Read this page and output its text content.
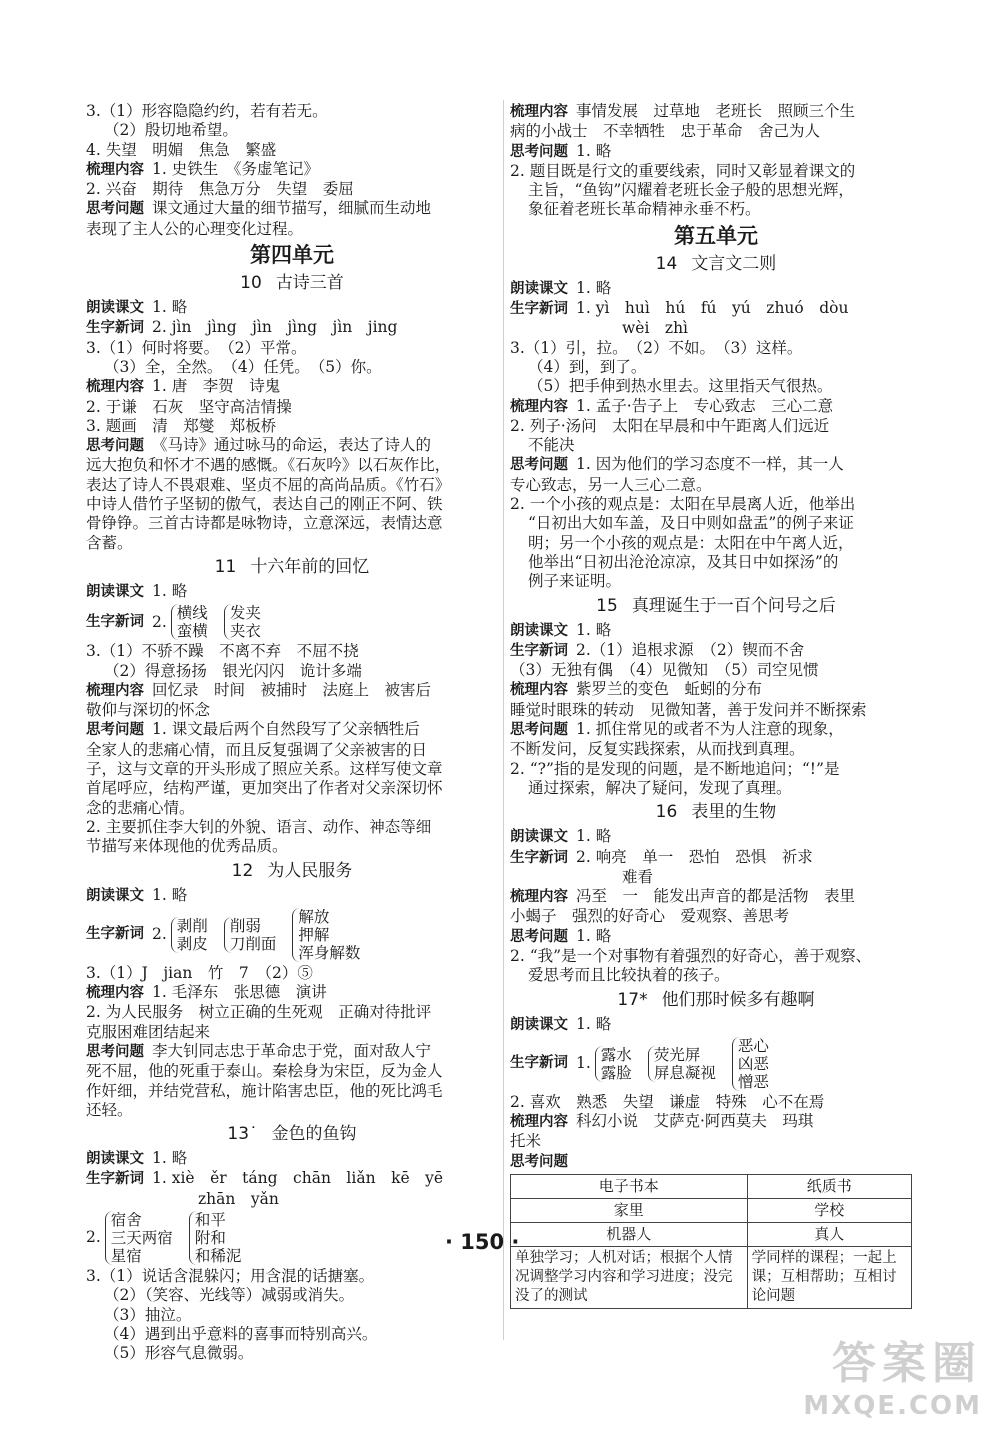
3.（1）形容隐隐约约，若有若无。
（2）殷切地希望。
4. 失望　明媚　焦急　繁盛
梳理内容 1. 史铁生　《务虚笔记》
2. 兴奋　期待　焦急万分　失望　委屈
思考问题 课文通过大量的细节描写，细腻而生动地
表现了主人公的心理变化过程。
第四单元
10 古诗三首
朗读课文 1. 略
生字新词 2. jìn　jìng　jìn　jìng　jìn　jing
3.（1）何时将要。　（2）平常。
（3）全，全然。　（4）任凭。　（5）你。
梳理内容 1. 唐　李贺　诗鬼
2. 于谦　石灰　坚守高洁情操
3. 题画　清　郑燮　郑板桥
思考问题 《马诗》通过咏马的命运，表达了诗人的
远大抱负和怀才不遇的感慨。《石灰吟》以石灰作比，
表达了诗人不畏艰难、坚贞不屈的高尚品质。《竹石》
中诗人借竹子坚韧的傲气，表达自己的刚正不阿、铁
骨铮铮。三首古诗都是咏物诗，立意深远，表情达意
含蓄。
11 十六年前的回忆
朗读课文 1. 略
生字新词 2. 横线
蛮横
发夹
夹衣
3.（1）不骄不躁　不离不弃　不屈不挠
（2）得意扬扬　银光闪闪　诡计多端
梳理内容 回忆录　时间　被捕时　法庭上　被害后
敬仰与深切的怀念
思考问题 1. 课文最后两个自然段写了父亲牺牲后
全家人的悲痛心情，而且反复强调了父亲被害的日
子，这与文章的开头形成了照应关系。这样写使文章
首尾呼应，结构严谨，更加突出了作者对父亲深切怀
念的悲痛心情。
2. 主要抓住李大钊的外貌、语言、动作、神态等细
节描写来体现他的优秀品质。
12 为人民服务
朗读课文 1. 略
生字新词 2. 剥削
剥皮
削弱
刀削面
解放
押解
浑身解数
3.（1）J　jian　竹　7　（2）⑤
梳理内容 1. 毛泽东　张思德　演讲
2. 为人民服务　树立正确的生死观　正确对待批评
克服困难团结起来
思考问题 李大钊同志忠于革命忠于党，面对敌人宁
死不屈，他的死重于泰山。秦桧身为宋臣，反为金人
作奸细，并结党营私，施计陷害忠臣，他的死比鸿毛
还轻。
13˙ 金色的鱼钩
朗读课文 1. 略
生字新词 1. xiè　ěr　táng　chān　liǎn　kē　yē
zhān　yǎn
2.
宿舍
三天两宿
星宿
和平
附和
和稀泥
3.（1）说话含混躲闪；用含混的话搪塞。
（2）（笑容、光线等）减弱或消失。
（3）抽泣。
（4）遇到出乎意料的喜事而特别高兴。
（5）形容气息微弱。
梳理内容 事情发展　过草地　老班长　照顾三个生
病的小战士　不幸牺牲　忠于革命　舍己为人
思考问题 1. 略
2. 题目既是行文的重要线索，同时又彰显着课文的
主旨，“鱼钩”闪耀着老班长金子般的思想光辉，
象征着老班长革命精神永垂不朽。
第五单元
14 文言文二则
朗读课文 1. 略
生字新词 1. yì　huì　hú　fú　yú　zhuó　dòu
wèi　zhì
3.（1）引，拉。　（2）不如。　（3）这样。
（4）到，到了。
（5）把手伸到热水里去。这里指天气很热。
梳理内容 1. 孟子·告子上　专心致志　三心二意
2. 列子·汤问　太阳在早晨和中午距离人们远近
不能决
思考问题 1. 因为他们的学习态度不一样，其一人
专心致志，另一人三心二意。
2. 一个小孩的观点是：太阳在早晨离人近，他举出
“日初出大如车盖，及日中则如盘盂”的例子来证
明；另一个小孩的观点是：太阳在中午离人近，
他举出“日初出沧沧凉凉，及其日中如探汤”的
例子来证明。
15 真理诞生于一百个问号之后
朗读课文 1. 略
生字新词 2.（1）追根求源　（2）锲而不舍
（3）无独有偶　（4）见微知　（5）司空见惯
梳理内容 紫罗兰的变色　蚯蚓的分布
睡觉时眼珠的转动　见微知著，善于发问并不断探索
思考问题 1. 抓住常见的或者不为人注意的现象，
不断发问，反复实践探索，从而找到真理。
2. “?”指的是发现的问题，是不断地追问；“!”是
通过探索，解决了疑问，发现了真理。
16 表里的生物
朗读课文 1. 略
生字新词 2. 响亮　单一　恐怕　恐惧　祈求
难看
梳理内容 冯至　一　能发出声音的都是活物　表里
小蝎子　强烈的好奇心　爱观察、善思考
思考问题 1. 略
2. “我”是一个对事物有着强烈的好奇心，善于观察、
爱思考而且比较执着的孩子。
17* 他们那时候多有趣啊
朗读课文 1. 略
生字新词 1. 露水
露脸
荧光屏
屏息凝视
恶心
凶恶
憎恶
2. 喜欢　熟悉　失望　谦虚　特殊　心不在焉
梳理内容 科幻小说　艾萨克·阿西莫夫　玛琪
托米
思考问题
电子书本	纸质书
家里	学校
机器人	真人
单独学习；人机对话；根据个人情况调整学习内容和学习进度；没完没了的测试	学同样的课程；一起上课；互相帮助；互相讨论问题
· 150 ·
答案圈
MXQE.COM
